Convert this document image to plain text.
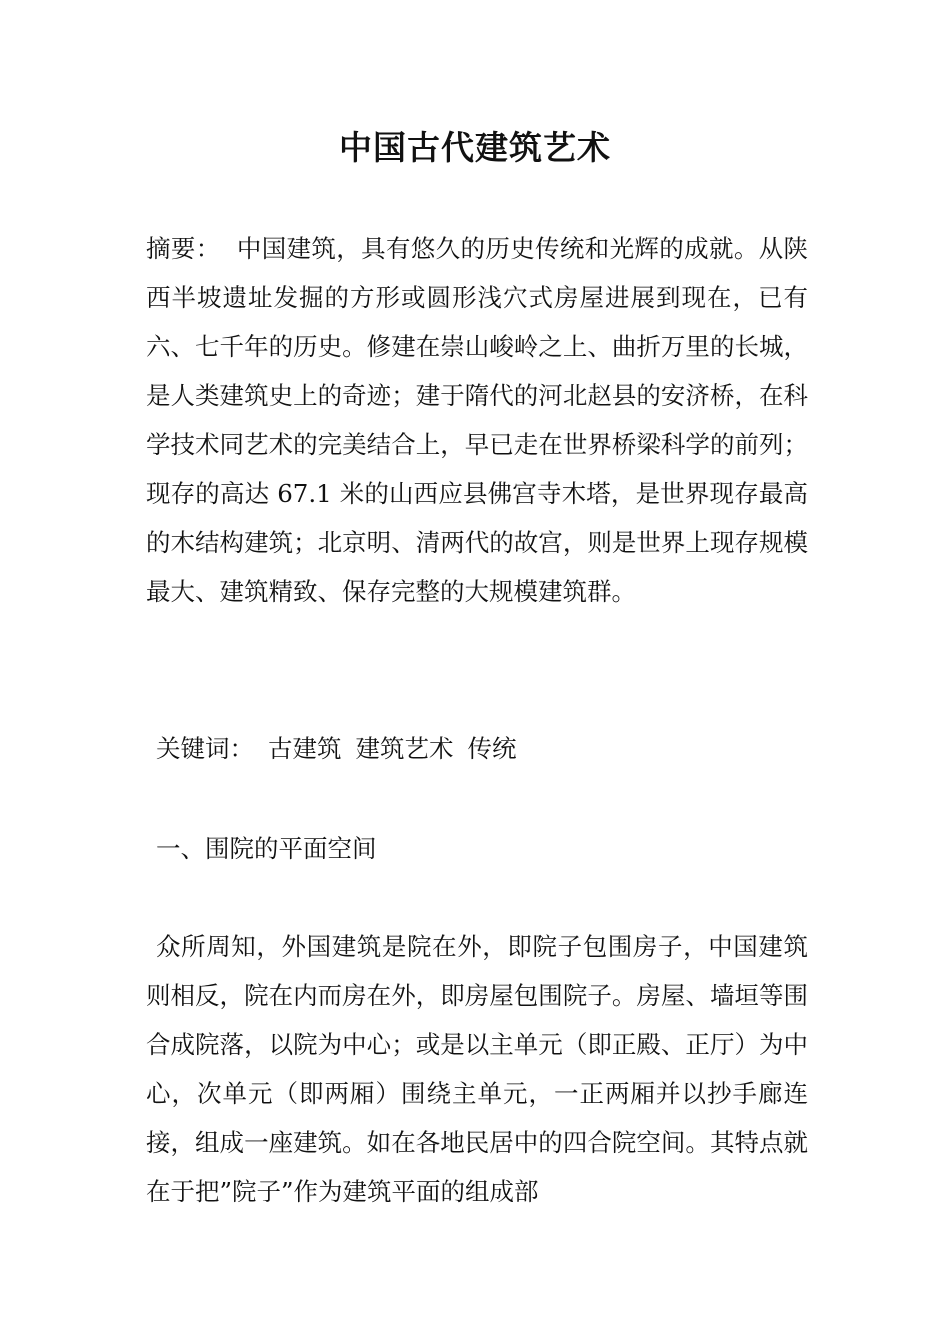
中国古代建筑艺术

摘要： 中国建筑，具有悠久的历史传统和光辉的成就。从陕西半坡遗址发掘的方形或圆形浅穴式房屋进展到现在，已有六、七千年的历史。修建在崇山峻岭之上、曲折万里的长城，是人类建筑史上的奇迹；建于隋代的河北赵县的安济桥，在科学技术同艺术的完美结合上，早已走在世界桥梁科学的前列；现存的高达 67.1 米的山西应县佛宫寺木塔，是世界现存最高的木结构建筑；北京明、清两代的故宫，则是世界上现存规模最大、建筑精致、保存完整的大规模建筑群。

关键词： 古建筑 建筑艺术 传统

一、围院的平面空间

众所周知，外国建筑是院在外，即院子包围房子，中国建筑则相反，院在内而房在外，即房屋包围院子。房屋、墙垣等围合成院落，以院为中心；或是以主单元（即正殿、正厅）为中心，次单元（即两厢）围绕主单元，一正两厢并以抄手廊连接，组成一座建筑。如在各地民居中的四合院空间。其特点就在于把”院子”作为建筑平面的组成部
